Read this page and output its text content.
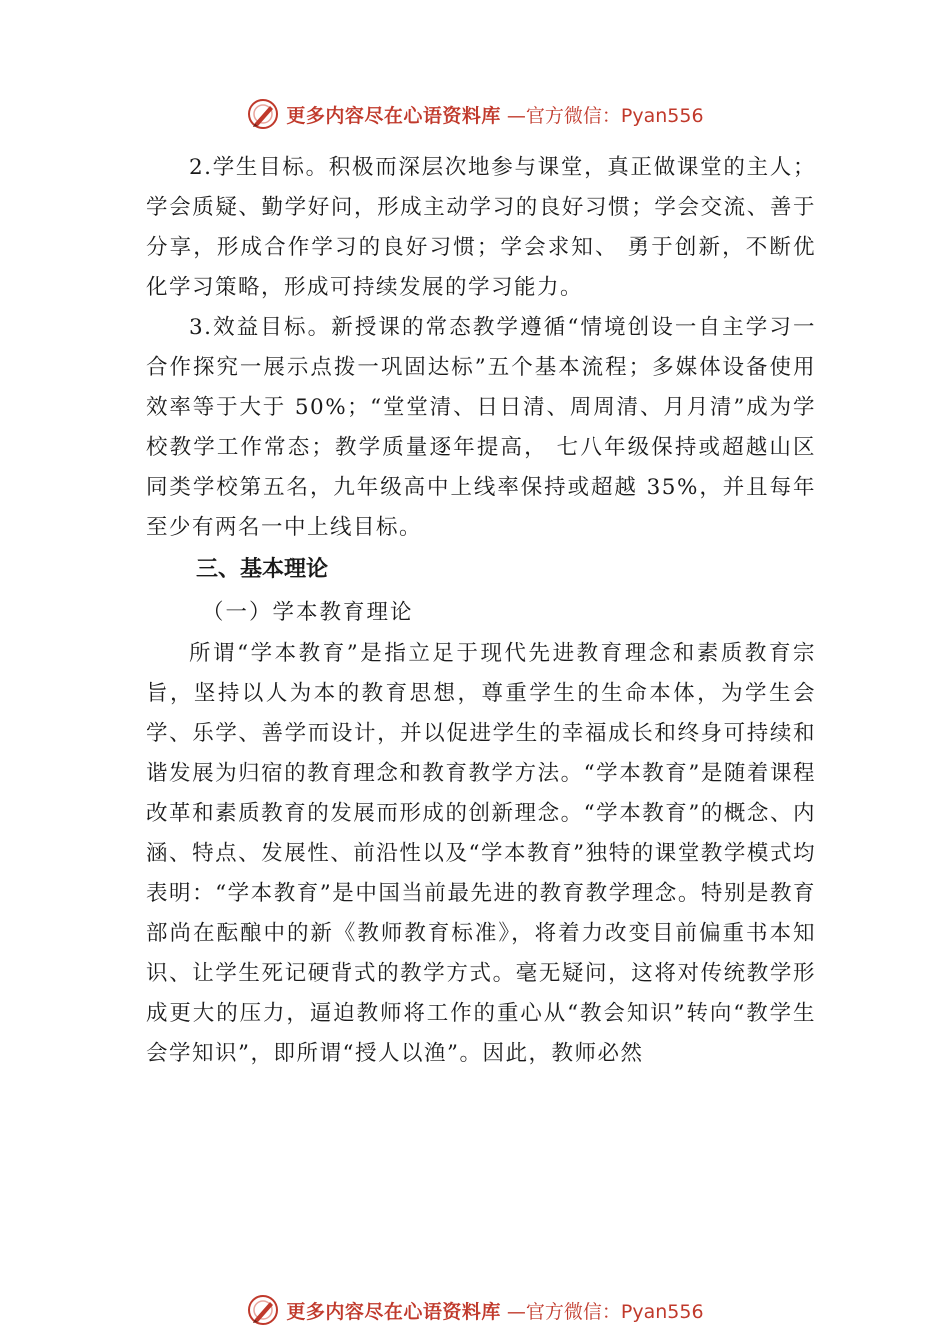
更多内容尽在心语资料库 —官方微信：Pyan556

2.学生目标。积极而深层次地参与课堂，真正做课堂的主人；学会质疑、勤学好问，形成主动学习的良好习惯；学会交流、善于分享，形成合作学习的良好习惯；学会求知、 勇于创新，不断优化学习策略，形成可持续发展的学习能力。

3.效益目标。新授课的常态教学遵循“情境创设一自主学习一合作探究一展示点拨一巩固达标”五个基本流程；多媒体设备使用效率等于大于 50%；“堂堂清、日日清、周周清、月月清”成为学校教学工作常态；教学质量逐年提高， 七八年级保持或超越山区同类学校第五名，九年级高中上线率保持或超越 35%，并且每年至少有两名一中上线目标。

三、基本理论

（一）学本教育理论

所谓“学本教育”是指立足于现代先进教育理念和素质教育宗旨，坚持以人为本的教育思想，尊重学生的生命本体，为学生会学、乐学、善学而设计，并以促进学生的幸福成长和终身可持续和谐发展为归宿的教育理念和教育教学方法。“学本教育”是随着课程改革和素质教育的发展而形成的创新理念。“学本教育”的概念、内涵、特点、发展性、前沿性以及“学本教育”独特的课堂教学模式均表明：“学本教育”是中国当前最先进的教育教学理念。特别是教育部尚在酝酿中的新《教师教育标准》，将着力改变目前偏重书本知识、让学生死记硬背式的教学方式。毫无疑问，这将对传统教学形成更大的压力，逼迫教师将工作的重心从“教会知识”转向“教学生会学知识”，即所谓“授人以渔”。因此，教师必然

更多内容尽在心语资料库 —官方微信：Pyan556
